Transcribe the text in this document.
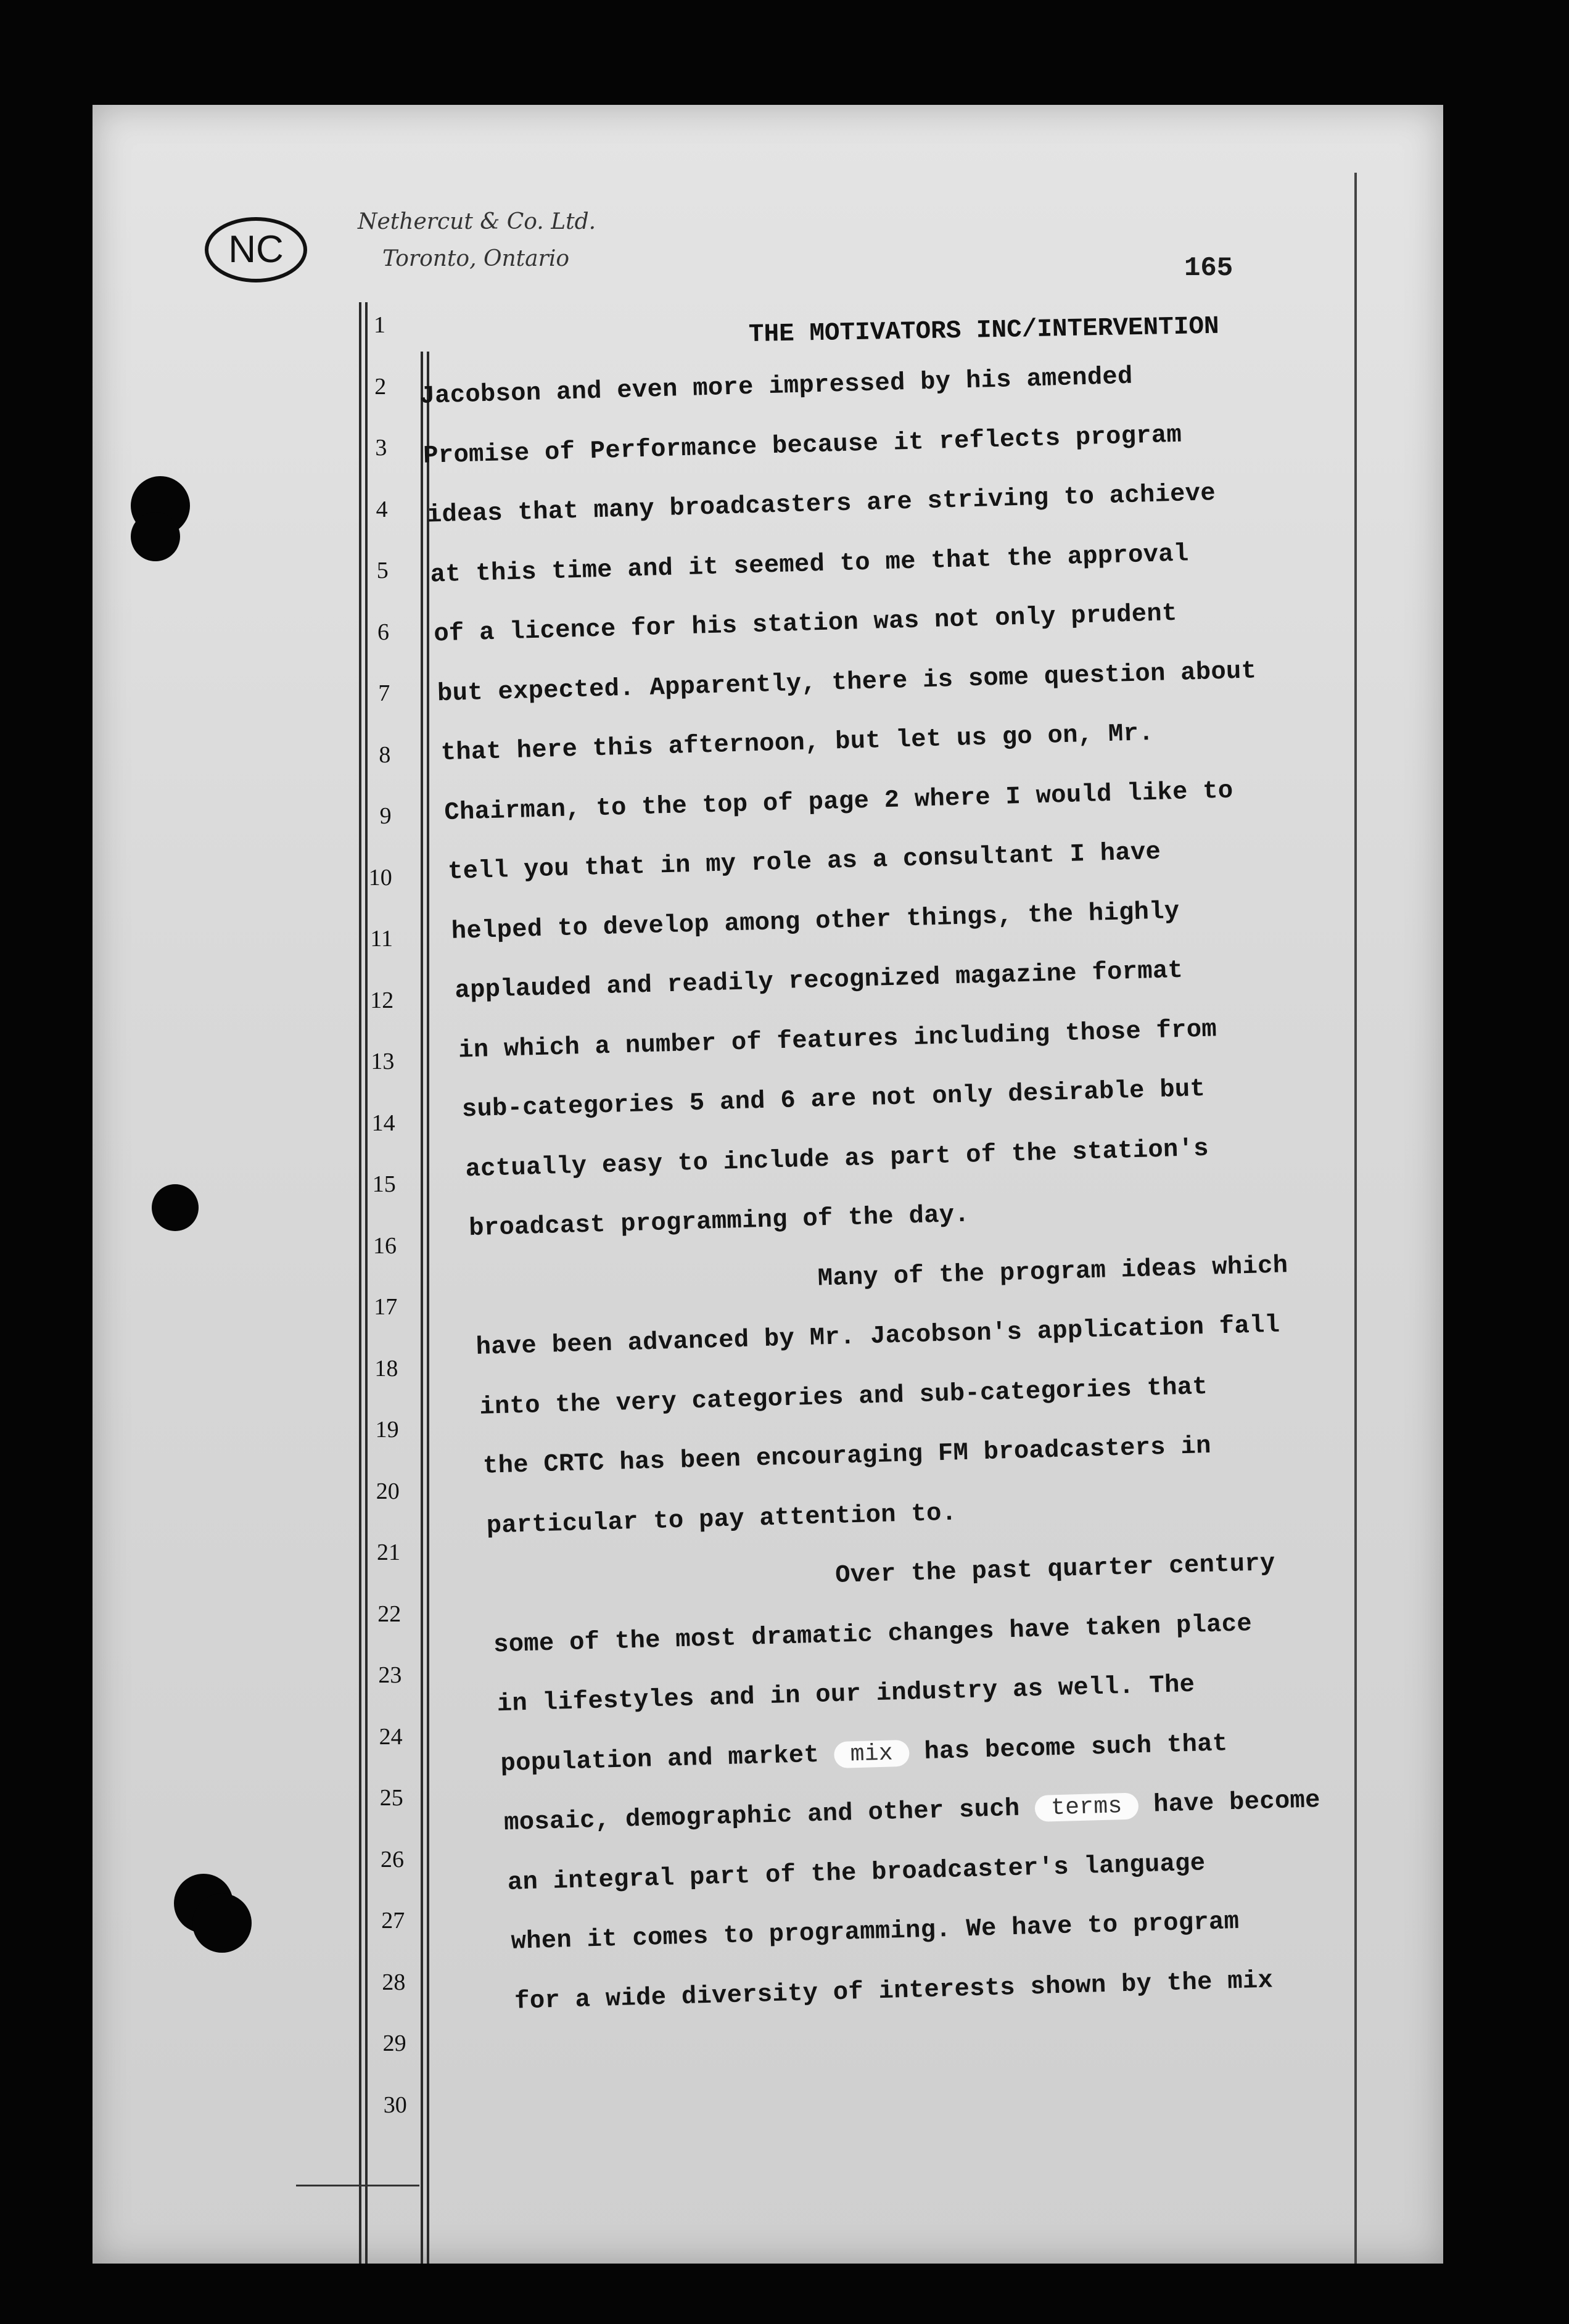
NC
Nethercut & Co. Ltd.
Toronto, Ontario	165
THE MOTIVATORS INC/INTERVENTION
1
2
3
4
5
6
7
8
9
10
11
12
13
14
15
16
17
18
19
20
21
22
23
24
25
26
27
28
29
30
Jacobson and even more impressed by his amended
Promise of Performance because it reflects program
ideas that many broadcasters are striving to achieve
at this time and it seemed to me that the approval
of a licence for his station was not only prudent
but expected. Apparently, there is some question about
that here this afternoon, but let us go on, Mr.
Chairman, to the top of page 2 where I would like to
tell you that in my role as a consultant I have
helped to develop among other things, the highly
applauded and readily recognized magazine format
in which a number of features including those from
sub-categories 5 and 6 are not only desirable but
actually easy to include as part of the station's
broadcast programming of the day.
Many of the program ideas which
have been advanced by Mr. Jacobson's application fall
into the very categories and sub-categories that
the CRTC has been encouraging FM broadcasters in
particular to pay attention to.
Over the past quarter century
some of the most dramatic changes have taken place
in lifestyles and in our industry as well. The
population and market mix has become such that
mosaic, demographic and other such terms have become
an integral part of the broadcaster's language
when it comes to programming. We have to program
for a wide diversity of interests shown by the mix
